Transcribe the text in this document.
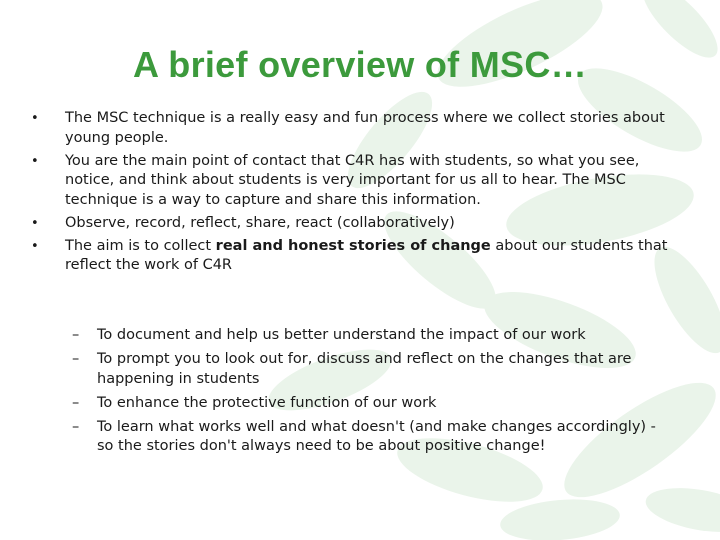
A brief overview of MSC…
• The MSC technique is a really easy and fun process where we collect stories about young people.
• You are the main point of contact that C4R has with students, so what you see, notice, and think about students is very important for us all to hear. The MSC technique is a way to capture and share this information.
• Observe, record, reflect, share, react (collaboratively)
• The aim is to collect real and honest stories of change about our students that reflect the work of C4R
– To document and help us better understand the impact of our work
– To prompt you to look out for, discuss and reflect on the changes that are happening in students
– To enhance the protective function of our work
– To learn what works well and what doesn't (and make changes accordingly) - so the stories don't always need to be about positive change!
